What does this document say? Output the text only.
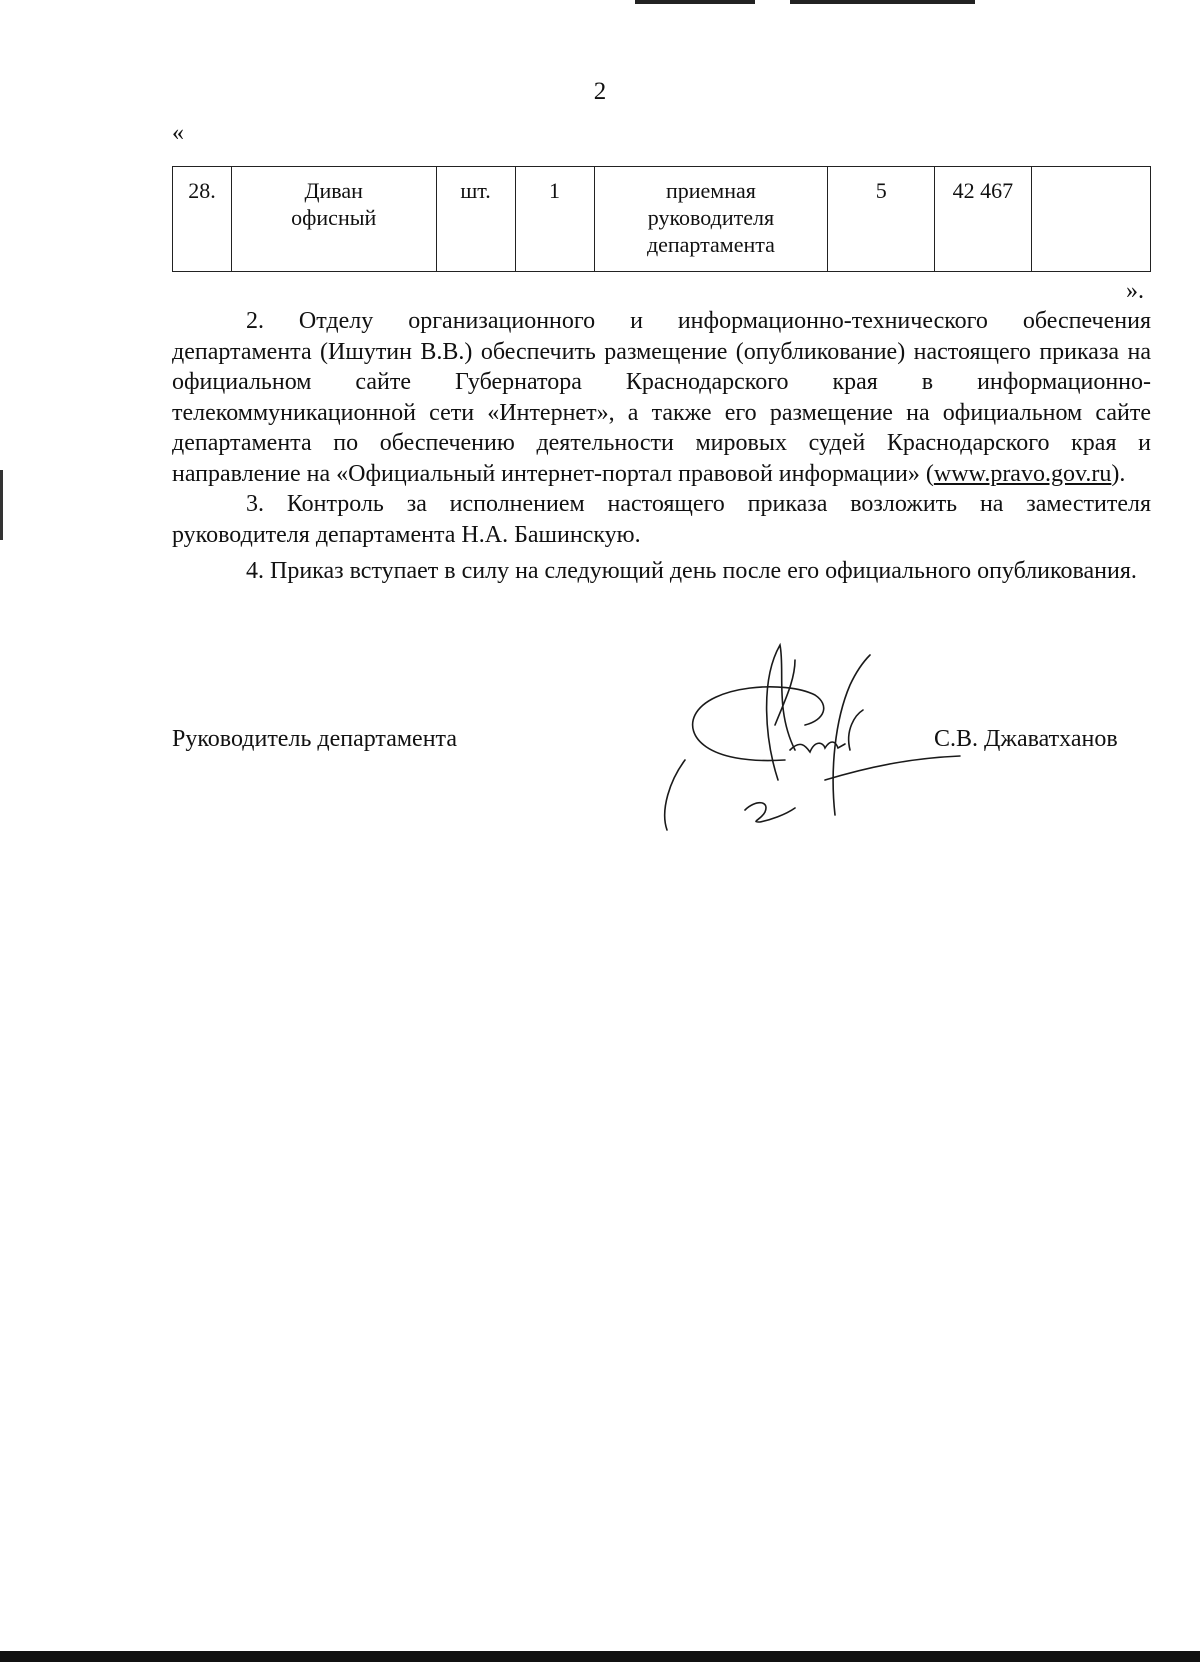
2
«
28.	Диван офисный	шт.	1	приемная руководителя департамента	5	42 467	
».

2. Отделу организационного и информационно-технического обеспечения департамента (Ишутин В.В.) обеспечить размещение (опубликование) настоящего приказа на официальном сайте Губернатора Краснодарского края в информационно-телекоммуникационной сети «Интернет», а также его размещение на официальном сайте департамента по обеспечению деятельности мировых судей Краснодарского края и направление на «Официальный интернет-портал правовой информации» (www.pravo.gov.ru).

3. Контроль за исполнением настоящего приказа возложить на заместителя руководителя департамента Н.А. Башинскую.

4. Приказ вступает в силу на следующий день после его официального опубликования.

Руководитель департамента	С.В. Джаватханов
